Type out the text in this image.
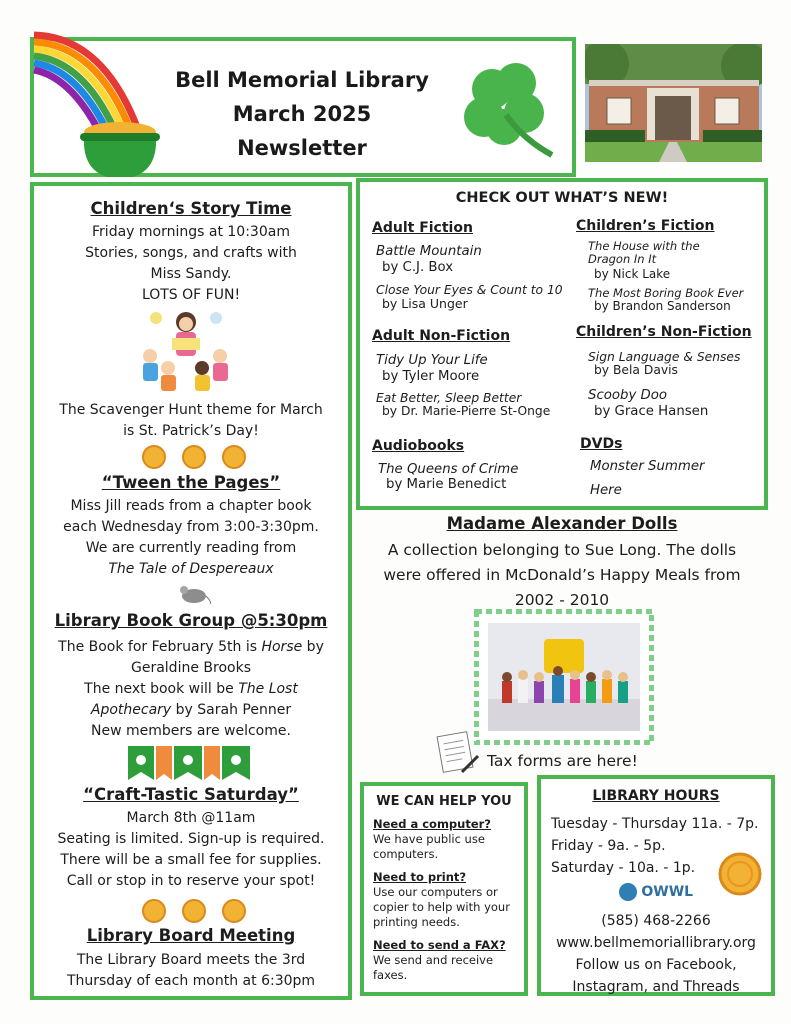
Bell Memorial Library
March 2025
Newsletter
Children‘s Story Time
Friday mornings at 10:30am
Stories, songs, and crafts with
Miss Sandy.
LOTS OF FUN!
The Scavenger Hunt theme for March
is St. Patrick’s Day!
“Tween the Pages”
Miss Jill reads from a chapter book
each Wednesday from 3:00-3:30pm.
We are currently reading from
The Tale of Despereaux
Library Book Group @5:30pm
The Book for February 5th is Horse by
Geraldine Brooks
The next book will be The Lost
Apothecary by Sarah Penner
New members are welcome.
“Craft-Tastic Saturday”
March 8th @11am
Seating is limited. Sign-up is required.
There will be a small fee for supplies.
Call or stop in to reserve your spot!
Library Board Meeting
The Library Board meets the 3rd
Thursday of each month at 6:30pm
CHECK OUT WHAT’S NEW!
Adult Fiction
Battle Mountain
by C.J. Box
Close Your Eyes & Count to 10
by Lisa Unger
Children’s Fiction
The House with the
Dragon In It
by Nick Lake
The Most Boring Book Ever
by Brandon Sanderson
Adult Non-Fiction
Tidy Up Your Life
by Tyler Moore
Eat Better, Sleep Better
by Dr. Marie-Pierre St-Onge
Children’s Non-Fiction
Sign Language & Senses
by Bela Davis
Scooby Doo
by Grace Hansen
Audiobooks
The Queens of Crime
by Marie Benedict
DVDs
Monster Summer
Here
Madame Alexander Dolls
A collection belonging to Sue Long. The dolls
were offered in McDonald’s Happy Meals from
2002 - 2010
Tax forms are here!
WE CAN HELP YOU
Need a computer?
We have public use
computers.
Need to print?
Use our computers or
copier to help with your
printing needs.
Need to send a FAX?
We send and receive
faxes.
LIBRARY HOURS
Tuesday - Thursday 11a. - 7p.
Friday - 9a. - 5p.
Saturday - 10a. - 1p.
OWWL
(585) 468-2266
www.bellmemoriallibrary.org
Follow us on Facebook,
Instagram, and Threads
